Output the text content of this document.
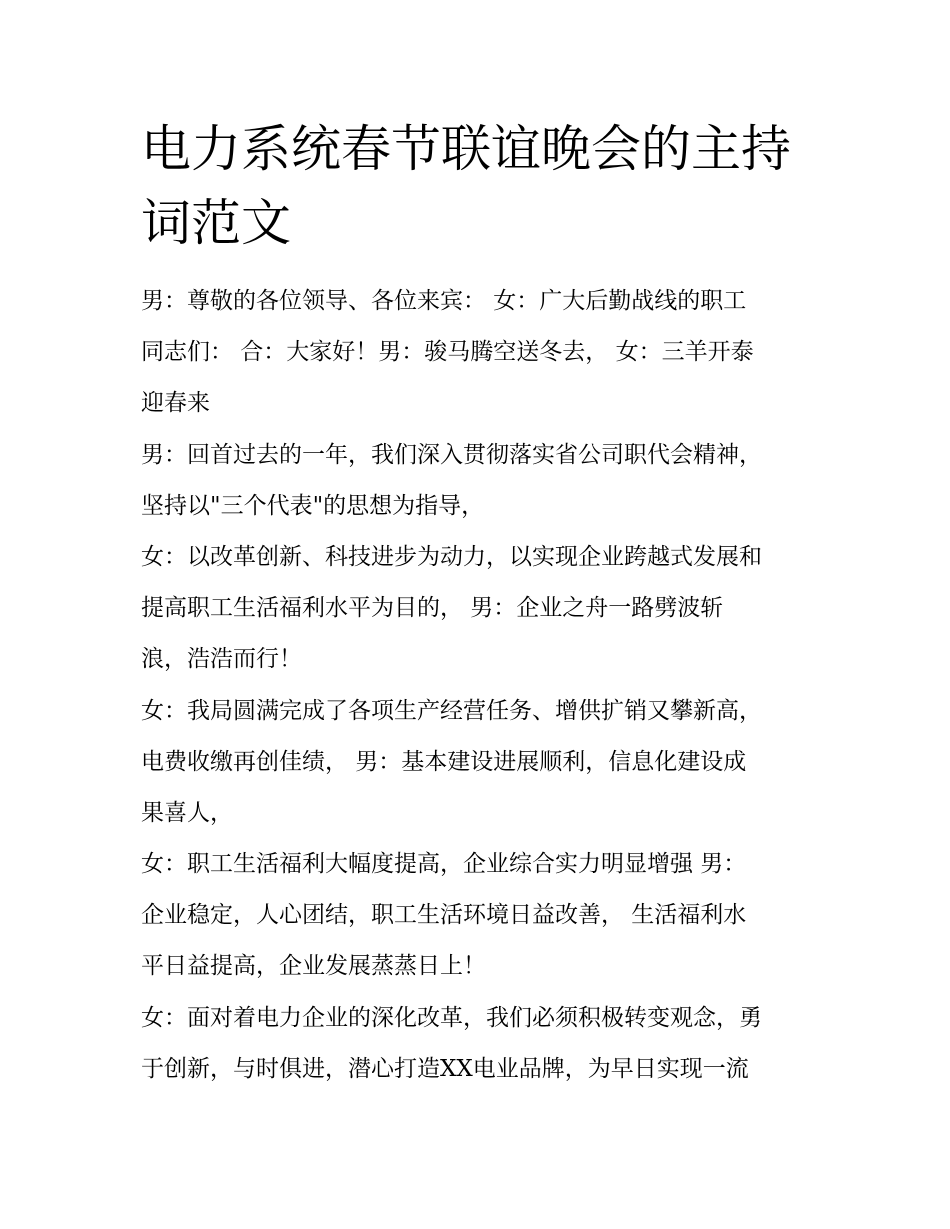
电力系统春节联谊晚会的主持
词范文
男：尊敬的各位领导、各位来宾： 女：广大后勤战线的职工
同志们： 合：大家好！男：骏马腾空送冬去， 女：三羊开泰
迎春来
男：回首过去的一年，我们深入贯彻落实省公司职代会精神，
坚持以"三个代表"的思想为指导，
女：以改革创新、科技进步为动力，以实现企业跨越式发展和
提高职工生活福利水平为目的， 男：企业之舟一路劈波斩
浪，浩浩而行！
女：我局圆满完成了各项生产经营任务、增供扩销又攀新高，
电费收缴再创佳绩， 男：基本建设进展顺利，信息化建设成
果喜人，
女：职工生活福利大幅度提高，企业综合实力明显增强 男：
企业稳定，人心团结，职工生活环境日益改善， 生活福利水
平日益提高，企业发展蒸蒸日上！
女：面对着电力企业的深化改革，我们必须积极转变观念，勇
于创新，与时俱进，潜心打造XX电业品牌，为早日实现一流
